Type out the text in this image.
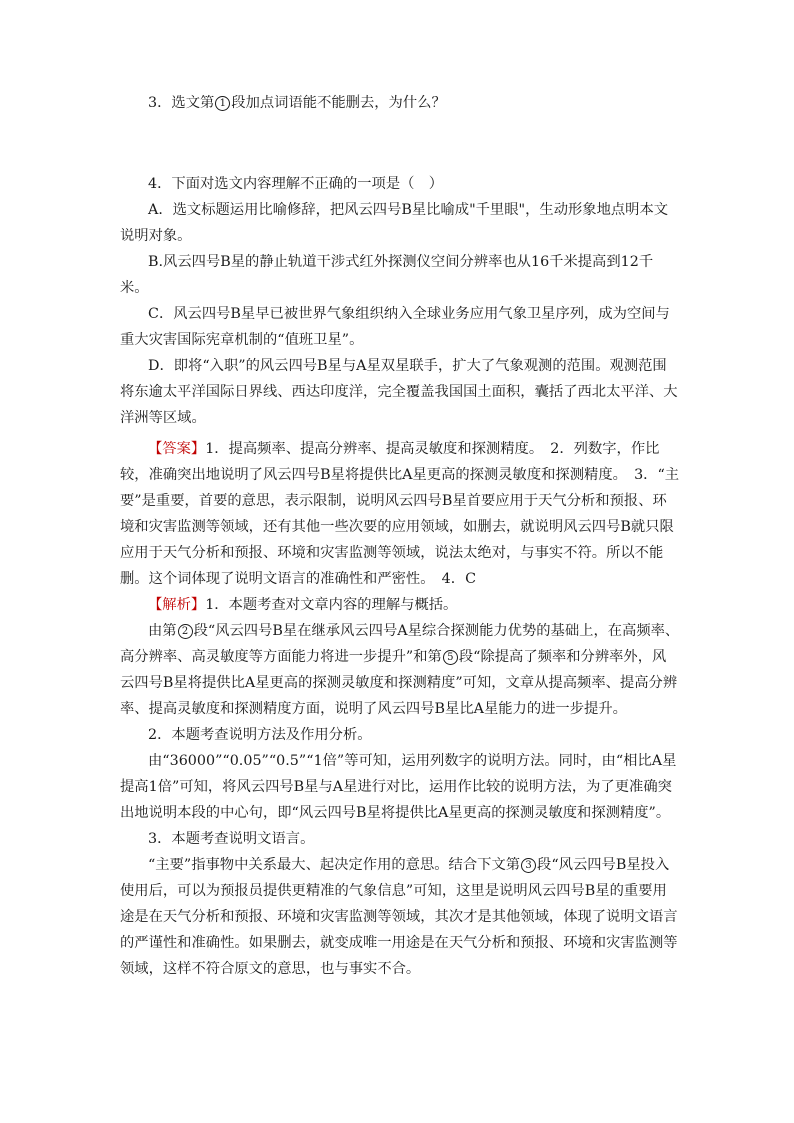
3．选文第 1 段加点词语能不能删去，为什么？

4．下面对选文内容理解不正确的一项是（　）

A．选文标题运用比喻修辞，把风云四号B星比喻成"千里眼"，生动形象地点明本文说明对象。

B.风云四号B星的静止轨道干涉式红外探测仪空间分辨率也从16千米提高到12千米。

C．风云四号B星早已被世界气象组织纳入全球业务应用气象卫星序列，成为空间与重大灾害国际宪章机制的“值班卫星”。

D．即将“入职”的风云四号B星与A星双星联手，扩大了气象观测的范围。观测范围将东逾太平洋国际日界线、西达印度洋，完全覆盖我国国土面积，囊括了西北太平洋、大洋洲等区域。

【答案】1．提高频率、提高分辨率、提高灵敏度和探测精度。　2．列数字，作比较，准确突出地说明了风云四号B星将提供比A星更高的探测灵敏度和探测精度。　3．“主要”是重要，首要的意思，表示限制，说明风云四号B星首要应用于天气分析和预报、环境和灾害监测等领域，还有其他一些次要的应用领域，如删去，就说明风云四号B就只限应用于天气分析和预报、环境和灾害监测等领域，说法太绝对，与事实不符。所以不能删。这个词体现了说明文语言的准确性和严密性。　4．C

【解析】1．本题考查对文章内容的理解与概括。

由第 2 段“风云四号B星在继承风云四号A星综合探测能力优势的基础上，在高频率、高分辨率、高灵敏度等方面能力将进一步提升”和第 5 段“除提高了频率和分辨率外，风云四号B星将提供比A星更高的探测灵敏度和探测精度”可知，文章从提高频率、提高分辨率、提高灵敏度和探测精度方面，说明了风云四号B星比A星能力的进一步提升。

2．本题考查说明方法及作用分析。

由“36000”“0.05”“0.5”“1倍”等可知，运用列数字的说明方法。同时，由“相比A星提高1倍”可知，将风云四号B星与A星进行对比，运用作比较的说明方法，为了更准确突出地说明本段的中心句，即“风云四号B星将提供比A星更高的探测灵敏度和探测精度”。

3．本题考查说明文语言。

“主要”指事物中关系最大、起决定作用的意思。结合下文第 3 段“风云四号B星投入使用后，可以为预报员提供更精准的气象信息”可知，这里是说明风云四号B星的重要用途是在天气分析和预报、环境和灾害监测等领域，其次才是其他领域，体现了说明文语言的严谨性和准确性。如果删去，就变成唯一用途是在天气分析和预报、环境和灾害监测等领域，这样不符合原文的意思，也与事实不合。
